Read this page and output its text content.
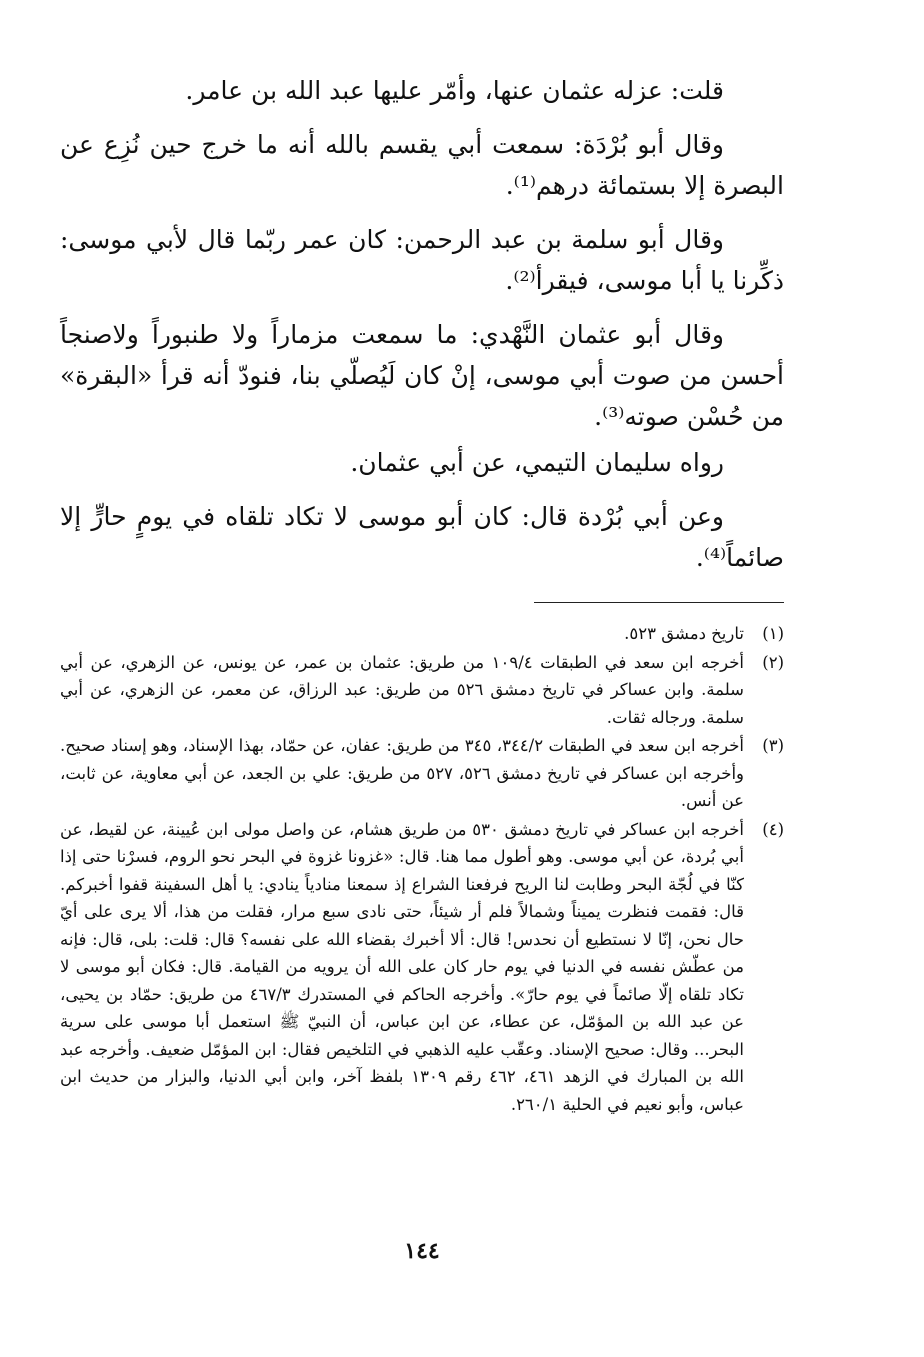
قلت: عزله عثمان عنها، وأمّر عليها عبد الله بن عامر.

وقال أبو بُرْدَة: سمعت أبي يقسم بالله أنه ما خرج حين نُزِع عن البصرة إلا بستمائة درهم⁽¹⁾.

وقال أبو سلمة بن عبد الرحمن: كان عمر ربّما قال لأبي موسى: ذكِّرنا يا أبا موسى، فيقرأ⁽²⁾.

وقال أبو عثمان النَّهْدي: ما سمعت مزماراً ولا طنبوراً ولاصنجاً أحسن من صوت أبي موسى، إنْ كان لَيُصلّي بنا، فنودّ أنه قرأ «البقرة» من حُسْن صوته⁽³⁾.

رواه سليمان التيمي، عن أبي عثمان.

وعن أبي بُرْدة قال: كان أبو موسى لا تكاد تلقاه في يومٍ حارٍّ إلا صائماً⁽⁴⁾.

(١)
تاريخ دمشق ٥٢٣.
(٢)
أخرجه ابن سعد في الطبقات ١٠٩/٤ من طريق: عثمان بن عمر، عن يونس، عن الزهري، عن أبي سلمة. وابن عساكر في تاريخ دمشق ٥٢٦ من طريق: عبد الرزاق، عن معمر، عن الزهري، عن أبي سلمة. ورجاله ثقات.
(٣)
أخرجه ابن سعد في الطبقات ٣٤٤/٢، ٣٤٥ من طريق: عفان، عن حمّاد، بهذا الإسناد، وهو إسناد صحيح. وأخرجه ابن عساكر في تاريخ دمشق ٥٢٦، ٥٢٧ من طريق: علي بن الجعد، عن أبي معاوية، عن ثابت، عن أنس.
(٤)
أخرجه ابن عساكر في تاريخ دمشق ٥٣٠ من طريق هشام، عن واصل مولى ابن عُيينة، عن لقيط، عن أبي بُردة، عن أبي موسى. وهو أطول مما هنا. قال: «غزونا غزوة في البحر نحو الروم، فسرْنا حتى إذا كنّا في لُجّة البحر وطابت لنا الريح فرفعنا الشراع إذ سمعنا منادياً ينادي: يا أهل السفينة قفوا أخبركم. قال: فقمت فنظرت يميناً وشمالاً فلم أر شيئاً، حتى نادى سبع مرار، فقلت من هذا، ألا يرى على أيّ حال نحن، إنّا لا نستطيع أن نحدس! قال: ألا أخبرك بقضاء الله على نفسه؟ قال: قلت: بلى، قال: فإنه من عطّش نفسه في الدنيا في يوم حار كان على الله أن يرويه من القيامة. قال: فكان أبو موسى لا تكاد تلقاه إلّا صائماً في يوم حارّ». وأخرجه الحاكم في المستدرك ٤٦٧/٣ من طريق: حمّاد بن يحيى، عن عبد الله بن المؤمّل، عن عطاء، عن ابن عباس، أن النبيّ ﷺ استعمل أبا موسى على سرية البحر... وقال: صحيح الإسناد. وعقّب عليه الذهبي في التلخيص فقال: ابن المؤمّل ضعيف. وأخرجه عبد الله بن المبارك في الزهد ٤٦١، ٤٦٢ رقم ١٣٠٩ بلفظ آخر، وابن أبي الدنيا، والبزار من حديث ابن عباس، وأبو نعيم في الحلية ٢٦٠/١.
١٤٤
